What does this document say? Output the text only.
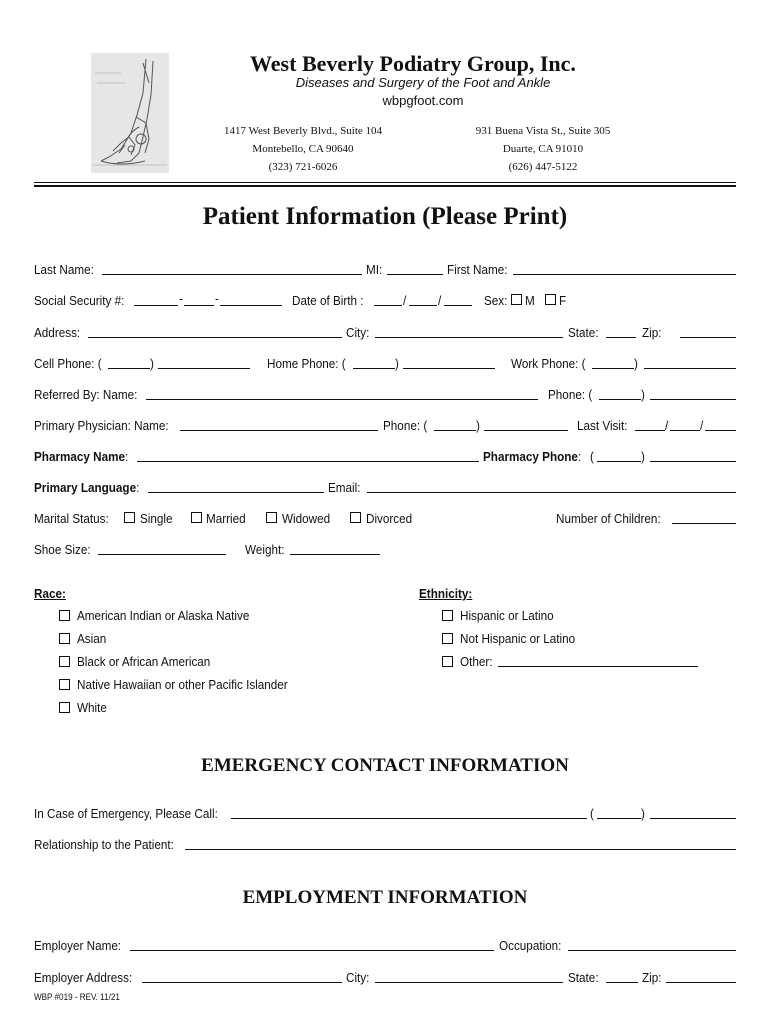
West Beverly Podiatry Group, Inc.
Diseases and Surgery of the Foot and Ankle
wbpgfoot.com
1417 West Beverly Blvd., Suite 104
Montebello, CA 90640
(323) 721-6026
931 Buena Vista St., Suite 305
Duarte, CA 91010
(626) 447-5122
Patient Information (Please Print)
Last Name:	MI:	First Name:
Social Security #:	- -	Date of Birth :	/ /	Sex: M F
Address:	City:	State:	Zip:
Cell Phone: (	)	Home Phone: (	)	Work Phone: (	)
Referred By: Name:	Phone: (	)
Primary Physician: Name:	Phone: (	)	Last Visit:	/ /
Pharmacy Name:	Pharmacy Phone: (	)
Primary Language:	Email:
Marital Status: Single	Married	Widowed	Divorced	Number of Children:
Shoe Size:	Weight:
Race:
American Indian or Alaska Native
Asian
Black or African American
Native Hawaiian or other Pacific Islander
White
Ethnicity:
Hispanic or Latino
Not Hispanic or Latino
Other:
EMERGENCY CONTACT INFORMATION
In Case of Emergency, Please Call:	(	)
Relationship to the Patient:
EMPLOYMENT INFORMATION
Employer Name:	Occupation:
Employer Address:	City:	State:	Zip:
WBP #019 - REV. 11/21
